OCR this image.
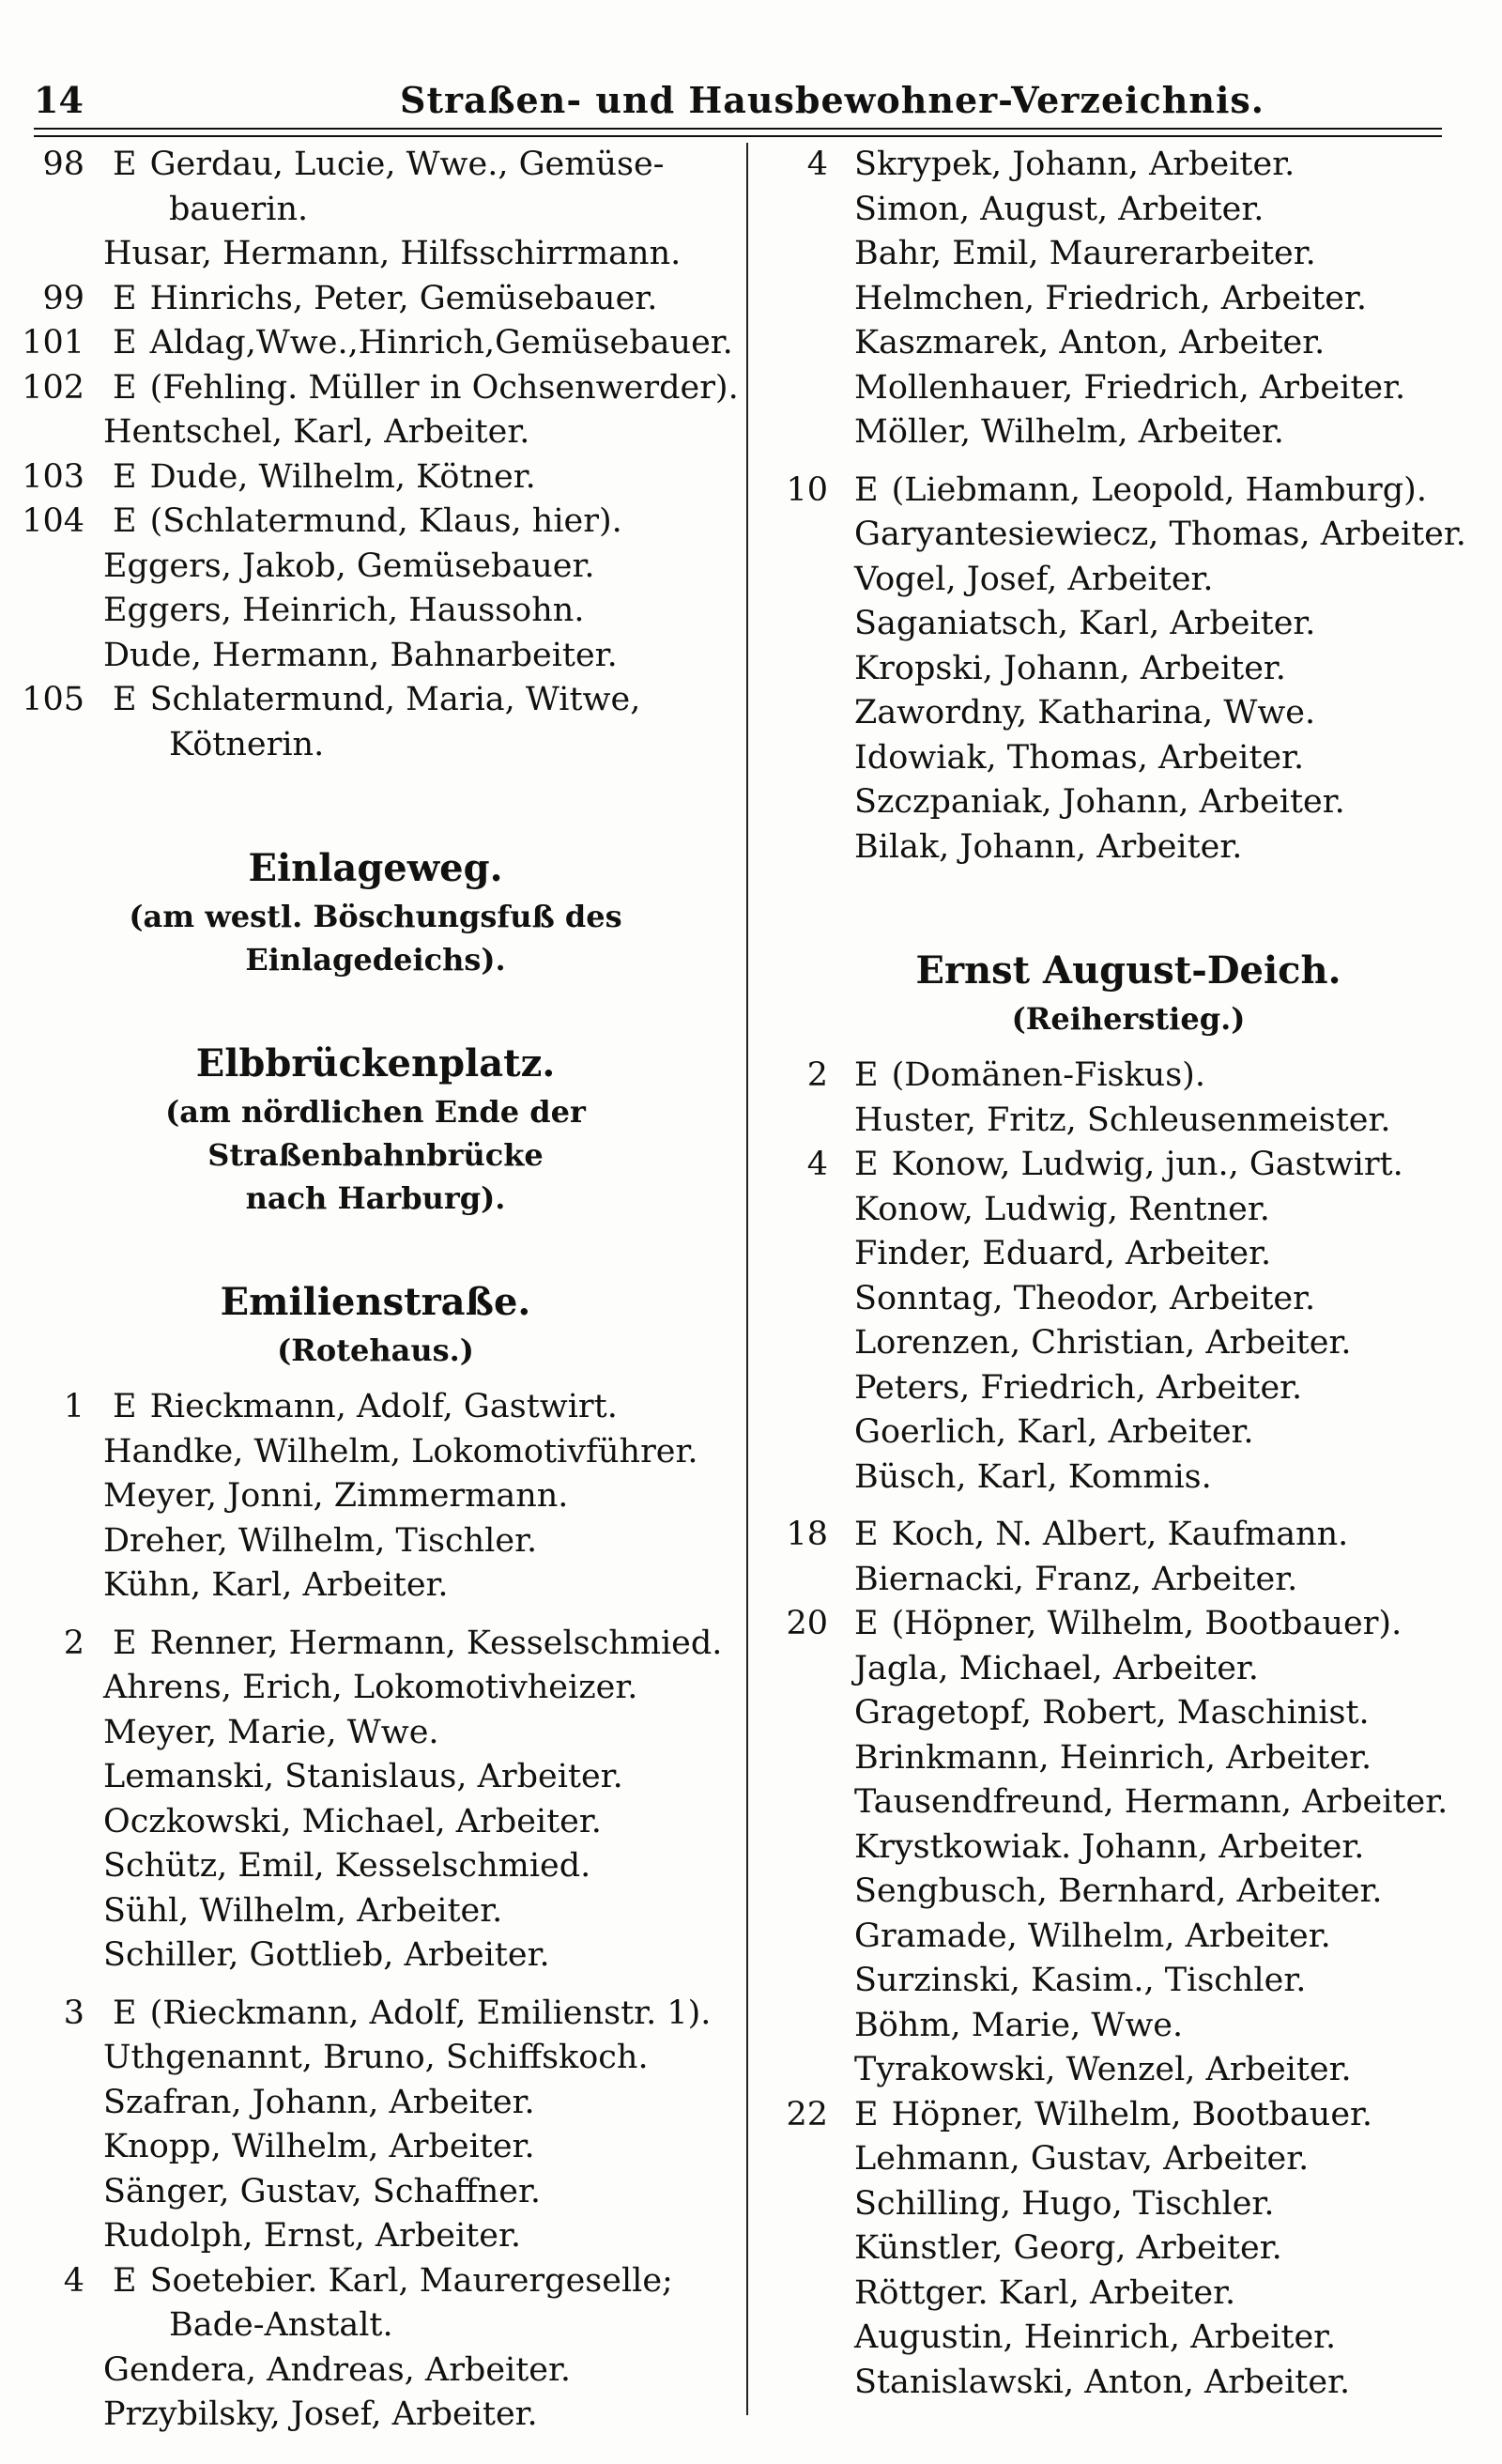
14	Straßen- und Hausbewohner-Verzeichnis.
98 E Gerdau, Lucie, Wwe., Gemüse-
bauerin.
Husar, Hermann, Hilfsschirrmann.
99 E Hinrichs, Peter, Gemüsebauer.
101 E Aldag,Wwe.,Hinrich,Gemüsebauer.
102 E (Fehling. Müller in Ochsenwerder).
Hentschel, Karl, Arbeiter.
103 E Dude, Wilhelm, Kötner.
104 E (Schlatermund, Klaus, hier).
Eggers, Jakob, Gemüsebauer.
Eggers, Heinrich, Haussohn.
Dude, Hermann, Bahnarbeiter.
105 E Schlatermund, Maria, Witwe,
Kötnerin.
Einlageweg.
(am westl. Böschungsfuß des Einlagedeichs).
Elbbrückenplatz.
(am nördlichen Ende der Straßenbahnbrücke
nach Harburg).
Emilienstraße.
(Rotehaus.)
1 E Rieckmann, Adolf, Gastwirt.
Handke, Wilhelm, Lokomotivführer.
Meyer, Jonni, Zimmermann.
Dreher, Wilhelm, Tischler.
Kühn, Karl, Arbeiter.
2 E Renner, Hermann, Kesselschmied.
Ahrens, Erich, Lokomotivheizer.
Meyer, Marie, Wwe.
Lemanski, Stanislaus, Arbeiter.
Oczkowski, Michael, Arbeiter.
Schütz, Emil, Kesselschmied.
Sühl, Wilhelm, Arbeiter.
Schiller, Gottlieb, Arbeiter.
3 E (Rieckmann, Adolf, Emilienstr. 1).
Uthgenannt, Bruno, Schiffskoch.
Szafran, Johann, Arbeiter.
Knopp, Wilhelm, Arbeiter.
Sänger, Gustav, Schaffner.
Rudolph, Ernst, Arbeiter.
4 E Soetebier. Karl, Maurergeselle;
Bade-Anstalt.
Gendera, Andreas, Arbeiter.
Przybilsky, Josef, Arbeiter.
4 Skrypek, Johann, Arbeiter.
Simon, August, Arbeiter.
Bahr, Emil, Maurerarbeiter.
Helmchen, Friedrich, Arbeiter.
Kaszmarek, Anton, Arbeiter.
Mollenhauer, Friedrich, Arbeiter.
Möller, Wilhelm, Arbeiter.
10 E (Liebmann, Leopold, Hamburg).
Garyantesiewiecz, Thomas, Arbeiter.
Vogel, Josef, Arbeiter.
Saganiatsch, Karl, Arbeiter.
Kropski, Johann, Arbeiter.
Zawordny, Katharina, Wwe.
Idowiak, Thomas, Arbeiter.
Szczpaniak, Johann, Arbeiter.
Bilak, Johann, Arbeiter.
Ernst August-Deich.
(Reiherstieg.)
2 E (Domänen-Fiskus).
Huster, Fritz, Schleusenmeister.
4 E Konow, Ludwig, jun., Gastwirt.
Konow, Ludwig, Rentner.
Finder, Eduard, Arbeiter.
Sonntag, Theodor, Arbeiter.
Lorenzen, Christian, Arbeiter.
Peters, Friedrich, Arbeiter.
Goerlich, Karl, Arbeiter.
Büsch, Karl, Kommis.
18 E Koch, N. Albert, Kaufmann.
Biernacki, Franz, Arbeiter.
20 E (Höpner, Wilhelm, Bootbauer).
Jagla, Michael, Arbeiter.
Gragetopf, Robert, Maschinist.
Brinkmann, Heinrich, Arbeiter.
Tausendfreund, Hermann, Arbeiter.
Krystkowiak. Johann, Arbeiter.
Sengbusch, Bernhard, Arbeiter.
Gramade, Wilhelm, Arbeiter.
Surzinski, Kasim., Tischler.
Böhm, Marie, Wwe.
Tyrakowski, Wenzel, Arbeiter.
22 E Höpner, Wilhelm, Bootbauer.
Lehmann, Gustav, Arbeiter.
Schilling, Hugo, Tischler.
Künstler, Georg, Arbeiter.
Röttger. Karl, Arbeiter.
Augustin, Heinrich, Arbeiter.
Stanislawski, Anton, Arbeiter.
